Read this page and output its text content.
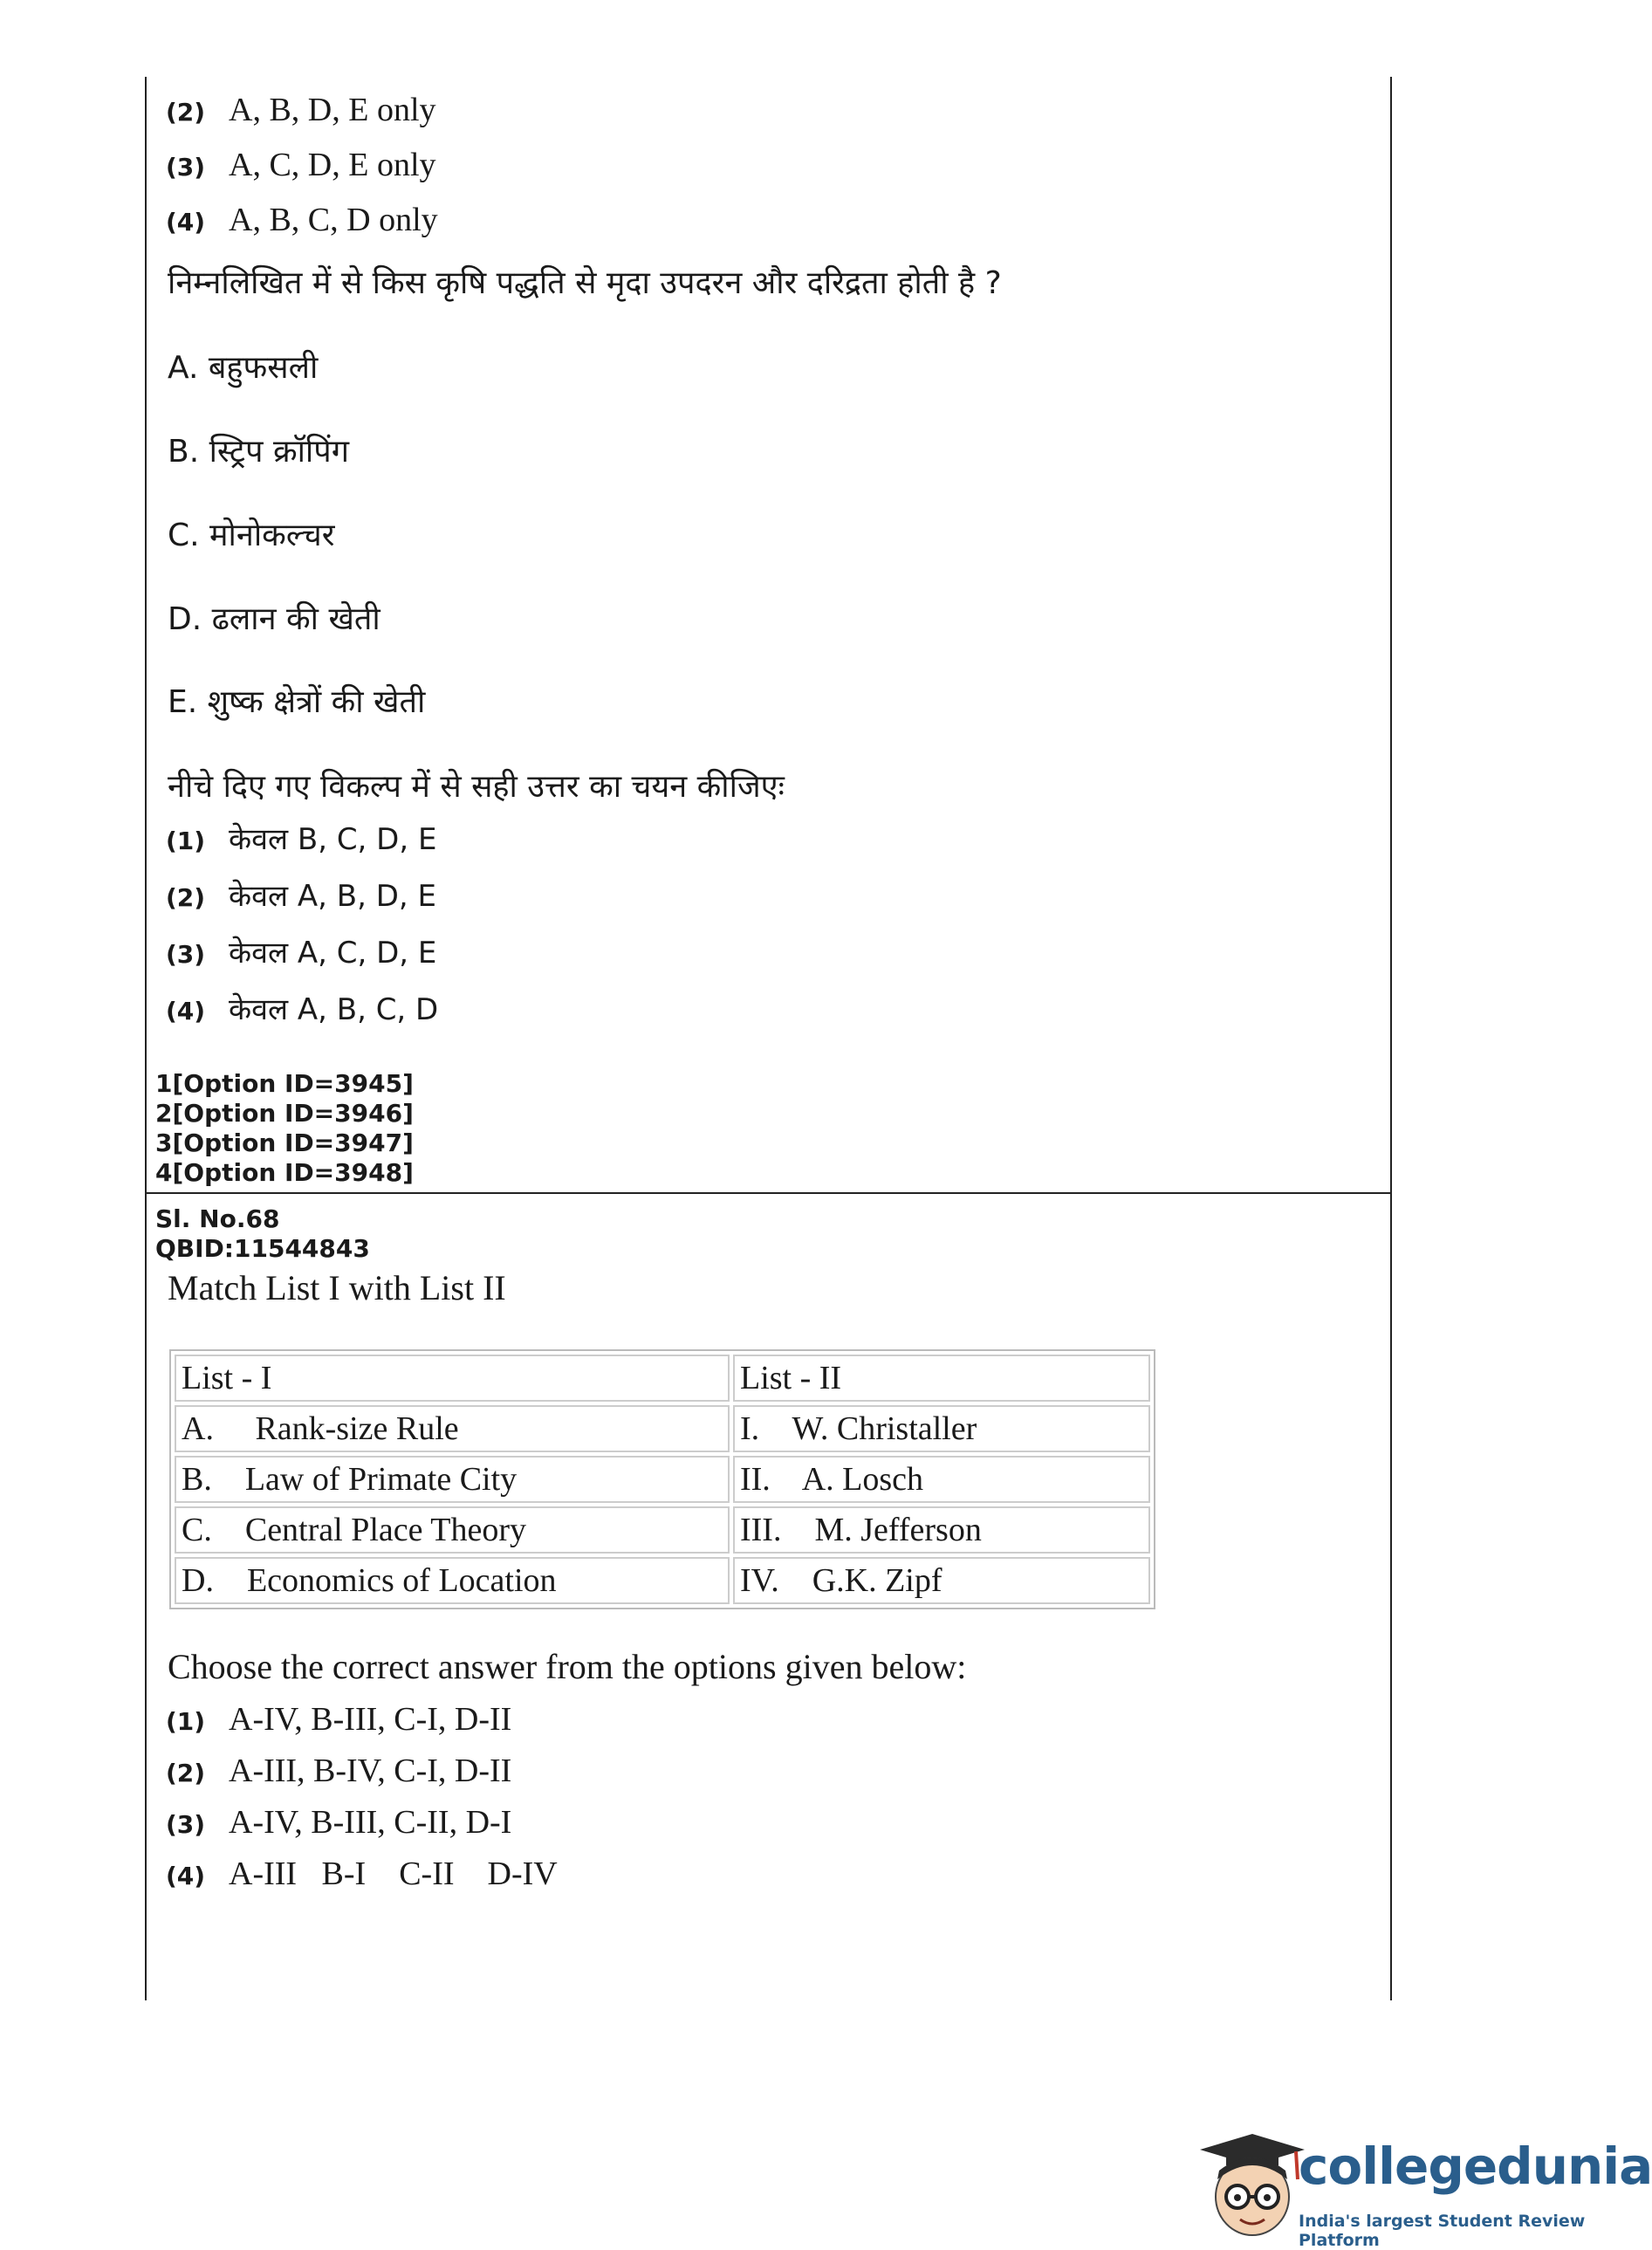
(2) A, B, D, E only
(3) A, C, D, E only
(4) A, B, C, D only
निम्नलिखित में से किस कृषि पद्धति से मृदा उपदरन और दरिद्रता होती है ?
A. बहुफसली
B. स्ट्रिप क्रॉपिंग
C. मोनोकल्चर
D. ढलान की खेती
E. शुष्क क्षेत्रों की खेती
नीचे दिए गए विकल्प में से सही उत्तर का चयन कीजिएः
(1) केवल B, C, D, E
(2) केवल A, B, D, E
(3) केवल A, C, D, E
(4) केवल A, B, C, D
1[Option ID=3945]
2[Option ID=3946]
3[Option ID=3947]
4[Option ID=3948]
Sl. No.68
QBID:11544843
Match List I with List II
List - I	List - II
A.     Rank-size Rule	I.    W. Christaller
B.    Law of Primate City	II.    A. Losch
C.    Central Place Theory	III.    M. Jefferson
D.    Economics of Location	IV.    G.K. Zipf
Choose the correct answer from the options given below:
(1) A-IV, B-III, C-I, D-II
(2) A-III, B-IV, C-I, D-II
(3) A-IV, B-III, C-II, D-I
(4) A-III   B-I    C-II    D-IV
collegedunia
India's largest Student Review Platform
